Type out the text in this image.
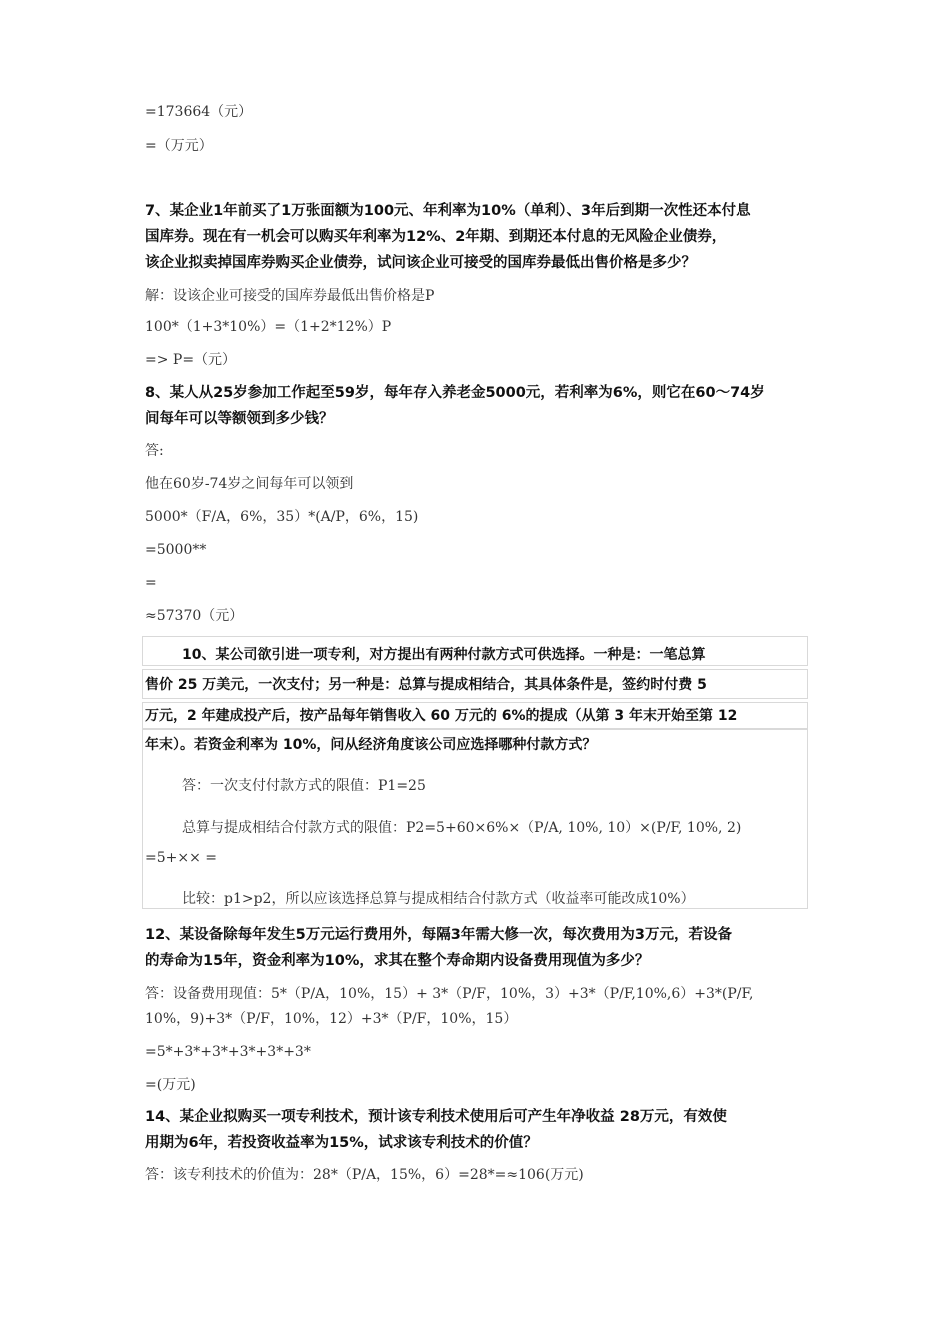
=173664（元）
=（万元）
7、某企业1年前买了1万张面额为100元、年利率为10%（单利）、3年后到期一次性还本付息
国库券。现在有一机会可以购买年利率为12%、2年期、到期还本付息的无风险企业债券，
该企业拟卖掉国库券购买企业债券，试问该企业可接受的国库券最低出售价格是多少？
解：设该企业可接受的国库券最低出售价格是P
100*（1+3*10%）=（1+2*12%）P
=> P=（元）
8、某人从25岁参加工作起至59岁，每年存入养老金5000元，若利率为6%，则它在60～74岁
间每年可以等额领到多少钱？
答:
他在60岁-74岁之间每年可以领到
5000*（F/A，6%，35）*(A/P，6%，15)
=5000**
=
≈57370（元）
10、某公司欲引进一项专利，对方提出有两种付款方式可供选择。一种是：一笔总算
售价 25 万美元，一次支付；另一种是：总算与提成相结合，其具体条件是，签约时付费 5
万元，2 年建成投产后，按产品每年销售收入 60 万元的 6%的提成（从第 3 年末开始至第 12
年末）。若资金利率为 10%，问从经济角度该公司应选择哪种付款方式？
答：一次支付付款方式的限值：P1=25
总算与提成相结合付款方式的限值：P2=5+60×6%×（P/A, 10%, 10）×(P/F, 10%, 2)
=5+×× =
比较：p1>p2，所以应该选择总算与提成相结合付款方式（收益率可能改成10%）
12、某设备除每年发生5万元运行费用外，每隔3年需大修一次，每次费用为3万元，若设备
的寿命为15年，资金利率为10%，求其在整个寿命期内设备费用现值为多少？
答：设备费用现值：5*（P/A，10%，15）+ 3*（P/F，10%，3）+3*（P/F,10%,6）+3*(P/F,
10%，9)+3*（P/F，10%，12）+3*（P/F，10%，15）
=5*+3*+3*+3*+3*+3*
=(万元)
14、某企业拟购买一项专利技术，预计该专利技术使用后可产生年净收益 28万元，有效使
用期为6年，若投资收益率为15%，试求该专利技术的价值？
答：该专利技术的价值为：28*（P/A，15%，6）=28*=≈106(万元)
